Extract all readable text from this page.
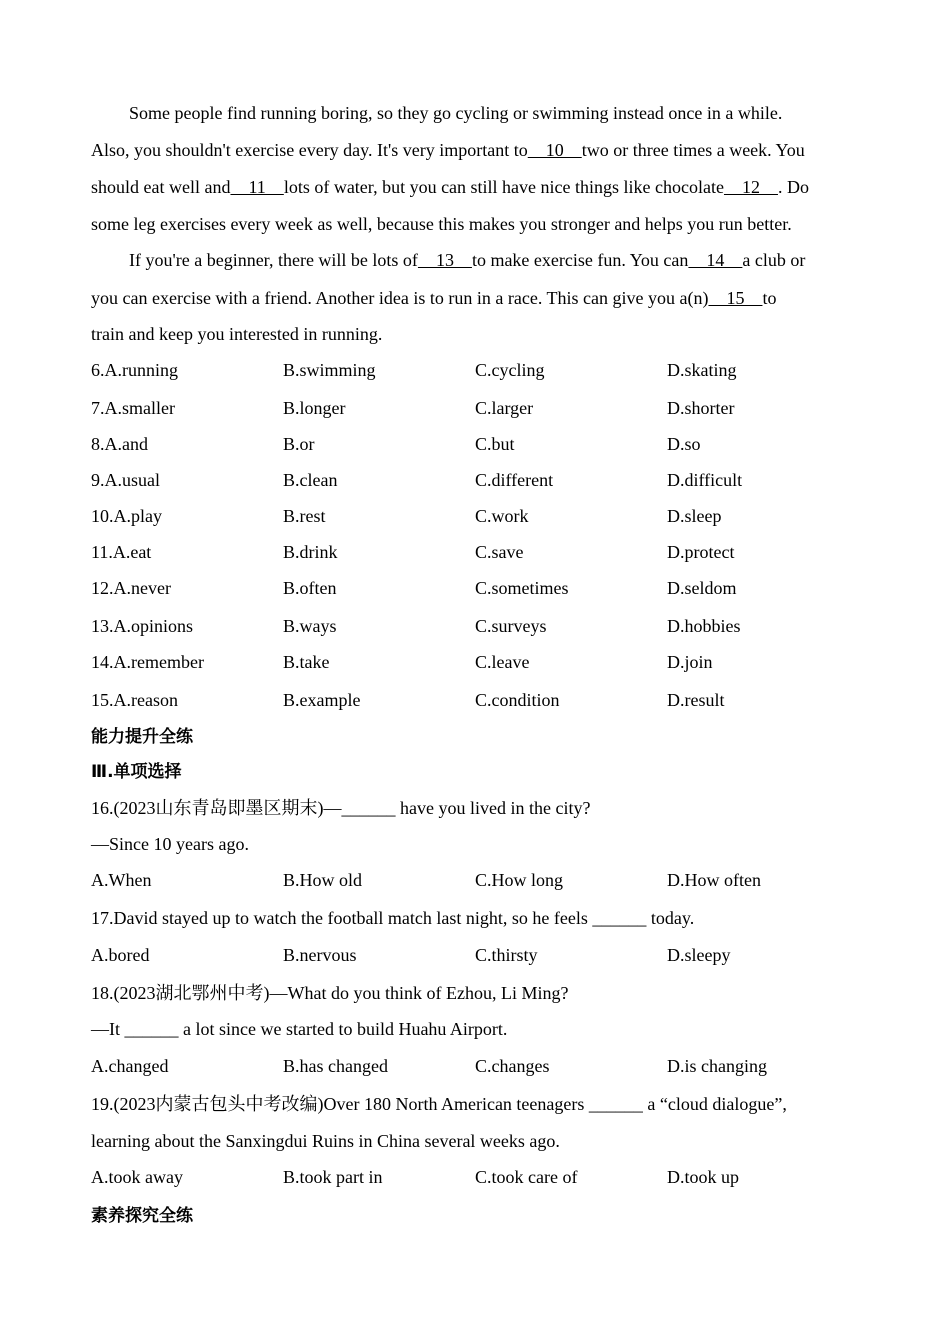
Some people find running boring, so they go cycling or swimming instead once in a while.
Also, you shouldn't exercise every day. It's very important to    10    two or three times a week. You
should eat well and    11    lots of water, but you can still have nice things like chocolate    12    . Do
some leg exercises every week as well, because this makes you stronger and helps you run better.
If you're a beginner, there will be lots of    13    to make exercise fun. You can    14    a club or
you can exercise with a friend. Another idea is to run in a race. This can give you a(n)    15    to
train and keep you interested in running.
6.A.running	B.swimming	C.cycling	D.skating
7.A.smaller	B.longer	C.larger	D.shorter
8.A.and	B.or	C.but	D.so
9.A.usual	B.clean	C.different	D.difficult
10.A.play	B.rest	C.work	D.sleep
11.A.eat	B.drink	C.save	D.protect
12.A.never	B.often	C.sometimes	D.seldom
13.A.opinions	B.ways	C.surveys	D.hobbies
14.A.remember	B.take	C.leave	D.join
15.A.reason	B.example	C.condition	D.result
能力提升全练
Ⅲ.单项选择
16.(2023山东青岛即墨区期末)—______ have you lived in the city?
—Since 10 years ago.
A.When	B.How old	C.How long	D.How often
17.David stayed up to watch the football match last night, so he feels ______ today.
A.bored	B.nervous	C.thirsty	D.sleepy
18.(2023湖北鄂州中考)—What do you think of Ezhou, Li Ming?
—It ______ a lot since we started to build Huahu Airport.
A.changed	B.has changed	C.changes	D.is changing
19.(2023内蒙古包头中考改编)Over 180 North American teenagers ______ a “cloud dialogue”,
learning about the Sanxingdui Ruins in China several weeks ago.
A.took away	B.took part in	C.took care of	D.took up
素养探究全练
